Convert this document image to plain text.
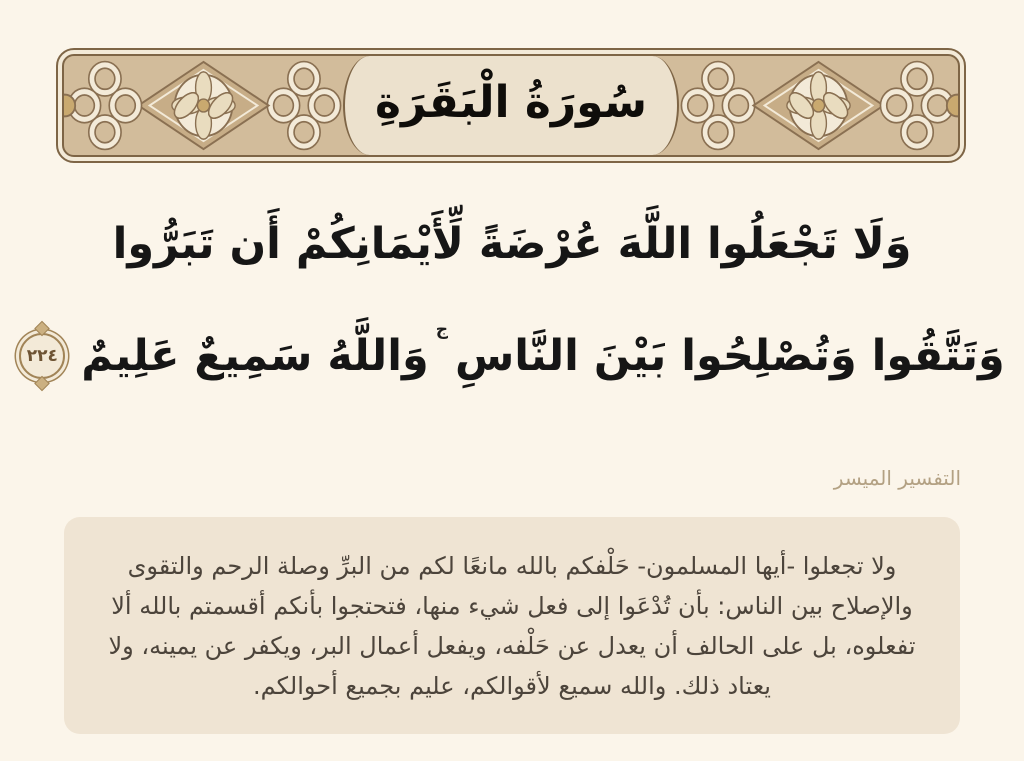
سُورَةُ الْبَقَرَةِ
وَلَا تَجْعَلُوا اللَّهَ عُرْضَةً لِّأَيْمَانِكُمْ أَن تَبَرُّوا
وَتَتَّقُوا وَتُصْلِحُوا بَيْنَ النَّاسِ
ج
وَاللَّهُ سَمِيعٌ عَلِيمٌ
٢٢٤
التفسير الميسر
ولا تجعلوا -أيها المسلمون- حَلْفكم بالله مانعًا لكم من البرِّ وصلة الرحم والتقوى والإصلاح بين الناس: بأن تُدْعَوا إلى فعل شيء منها، فتحتجوا بأنكم أقسمتم بالله ألا تفعلوه، بل على الحالف أن يعدل عن حَلْفه، ويفعل أعمال البر، ويكفر عن يمينه، ولا يعتاد ذلك. والله سميع لأقوالكم، عليم بجميع أحوالكم.
